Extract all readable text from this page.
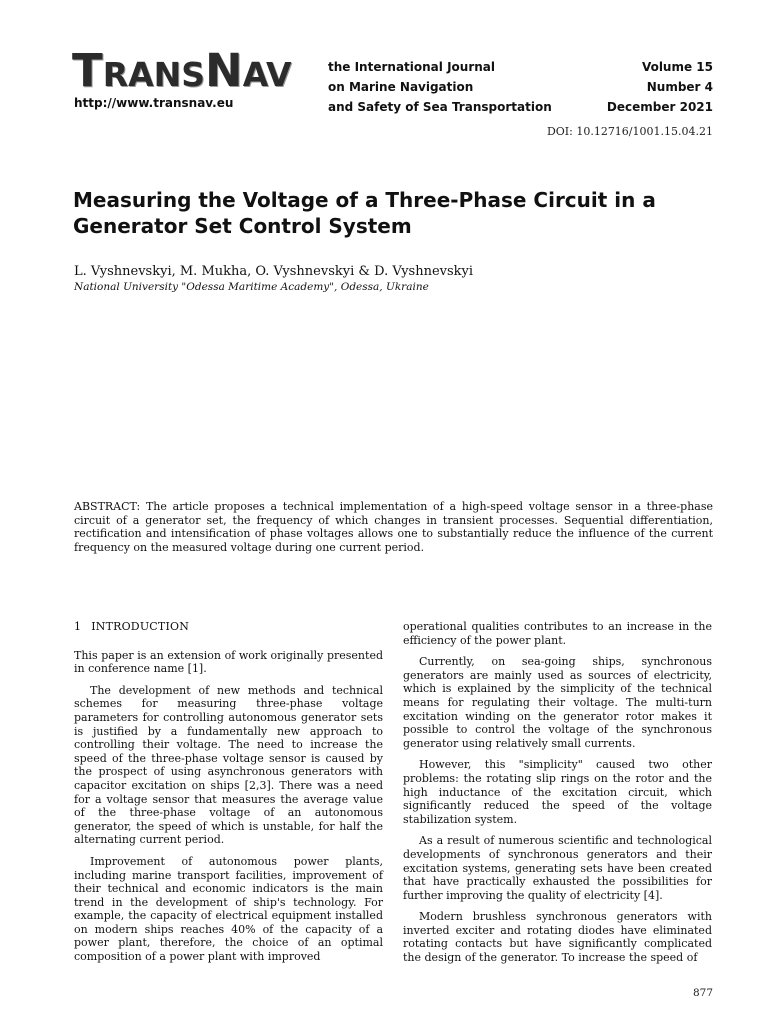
TRANSNAV
http://www.transnav.eu
the International Journal
on Marine Navigation
and Safety of Sea Transportation
Volume 15
Number 4
December 2021
DOI: 10.12716/1001.15.04.21
Measuring the Voltage of a Three-Phase Circuit in a Generator Set Control System
L. Vyshnevskyi, M. Mukha, O. Vyshnevskyi & D. Vyshnevskyi
National University "Odessa Maritime Academy", Odessa, Ukraine
ABSTRACT: The article proposes a technical implementation of a high-speed voltage sensor in a three-phase circuit of a generator set, the frequency of which changes in transient processes. Sequential differentiation, rectification and intensification of phase voltages allows one to substantially reduce the influence of the current frequency on the measured voltage during one current period.
1 INTRODUCTION

This paper is an extension of work originally presented in conference name [1].

The development of new methods and technical schemes for measuring three-phase voltage parameters for controlling autonomous generator sets is justified by a fundamentally new approach to controlling their voltage. The need to increase the speed of the three-phase voltage sensor is caused by the prospect of using asynchronous generators with capacitor excitation on ships [2,3]. There was a need for a voltage sensor that measures the average value of the three-phase voltage of an autonomous generator, the speed of which is unstable, for half the alternating current period.

Improvement of autonomous power plants, including marine transport facilities, improvement of their technical and economic indicators is the main trend in the development of ship's technology. For example, the capacity of electrical equipment installed on modern ships reaches 40% of the capacity of a power plant, therefore, the choice of an optimal composition of a power plant with improved

operational qualities contributes to an increase in the efficiency of the power plant.

Currently, on sea-going ships, synchronous generators are mainly used as sources of electricity, which is explained by the simplicity of the technical means for regulating their voltage. The multi-turn excitation winding on the generator rotor makes it possible to control the voltage of the synchronous generator using relatively small currents.

However, this "simplicity" caused two other problems: the rotating slip rings on the rotor and the high inductance of the excitation circuit, which significantly reduced the speed of the voltage stabilization system.

As a result of numerous scientific and technological developments of synchronous generators and their excitation systems, generating sets have been created that have practically exhausted the possibilities for further improving the quality of electricity [4].

Modern brushless synchronous generators with inverted exciter and rotating diodes have eliminated rotating contacts but have significantly complicated the design of the generator. To increase the speed of

877
